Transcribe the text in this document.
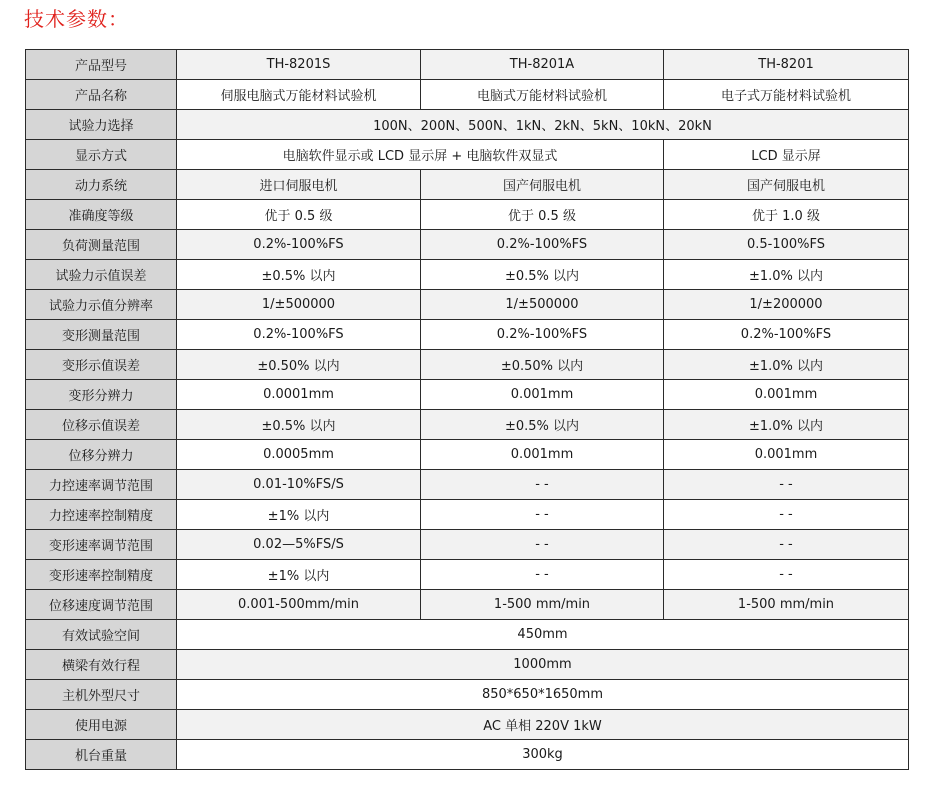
技术参数：
产品型号	TH-8201S	TH-8201A	TH-8201
产品名称	伺服电脑式万能材料试验机	电脑式万能材料试验机	电子式万能材料试验机
试验力选择	100N、200N、500N、1kN、2kN、5kN、10kN、20kN		
显示方式	电脑软件显示或 LCD 显示屏 + 电脑软件双显式		LCD 显示屏
动力系统	进口伺服电机	国产伺服电机	国产伺服电机
准确度等级	优于 0.5 级	优于 0.5 级	优于 1.0 级
负荷测量范围	0.2%-100%FS	0.2%-100%FS	0.5-100%FS
试验力示值误差	±0.5% 以内	±0.5% 以内	±1.0% 以内
试验力示值分辨率	1/±500000	1/±500000	1/±200000
变形测量范围	0.2%-100%FS	0.2%-100%FS	0.2%-100%FS
变形示值误差	±0.50% 以内	±0.50% 以内	±1.0% 以内
变形分辨力	0.0001mm	0.001mm	0.001mm
位移示值误差	±0.5% 以内	±0.5% 以内	±1.0% 以内
位移分辨力	0.0005mm	0.001mm	0.001mm
力控速率调节范围	0.01-10%FS/S	- -	- -
力控速率控制精度	±1% 以内	- -	- -
变形速率调节范围	0.02—5%FS/S	- -	- -
变形速率控制精度	±1% 以内	- -	- -
位移速度调节范围	0.001-500mm/min	1-500 mm/min	1-500 mm/min
有效试验空间	450mm		
横梁有效行程	1000mm		
主机外型尺寸	850*650*1650mm		
使用电源	AC 单相 220V 1kW		
机台重量	300kg		
